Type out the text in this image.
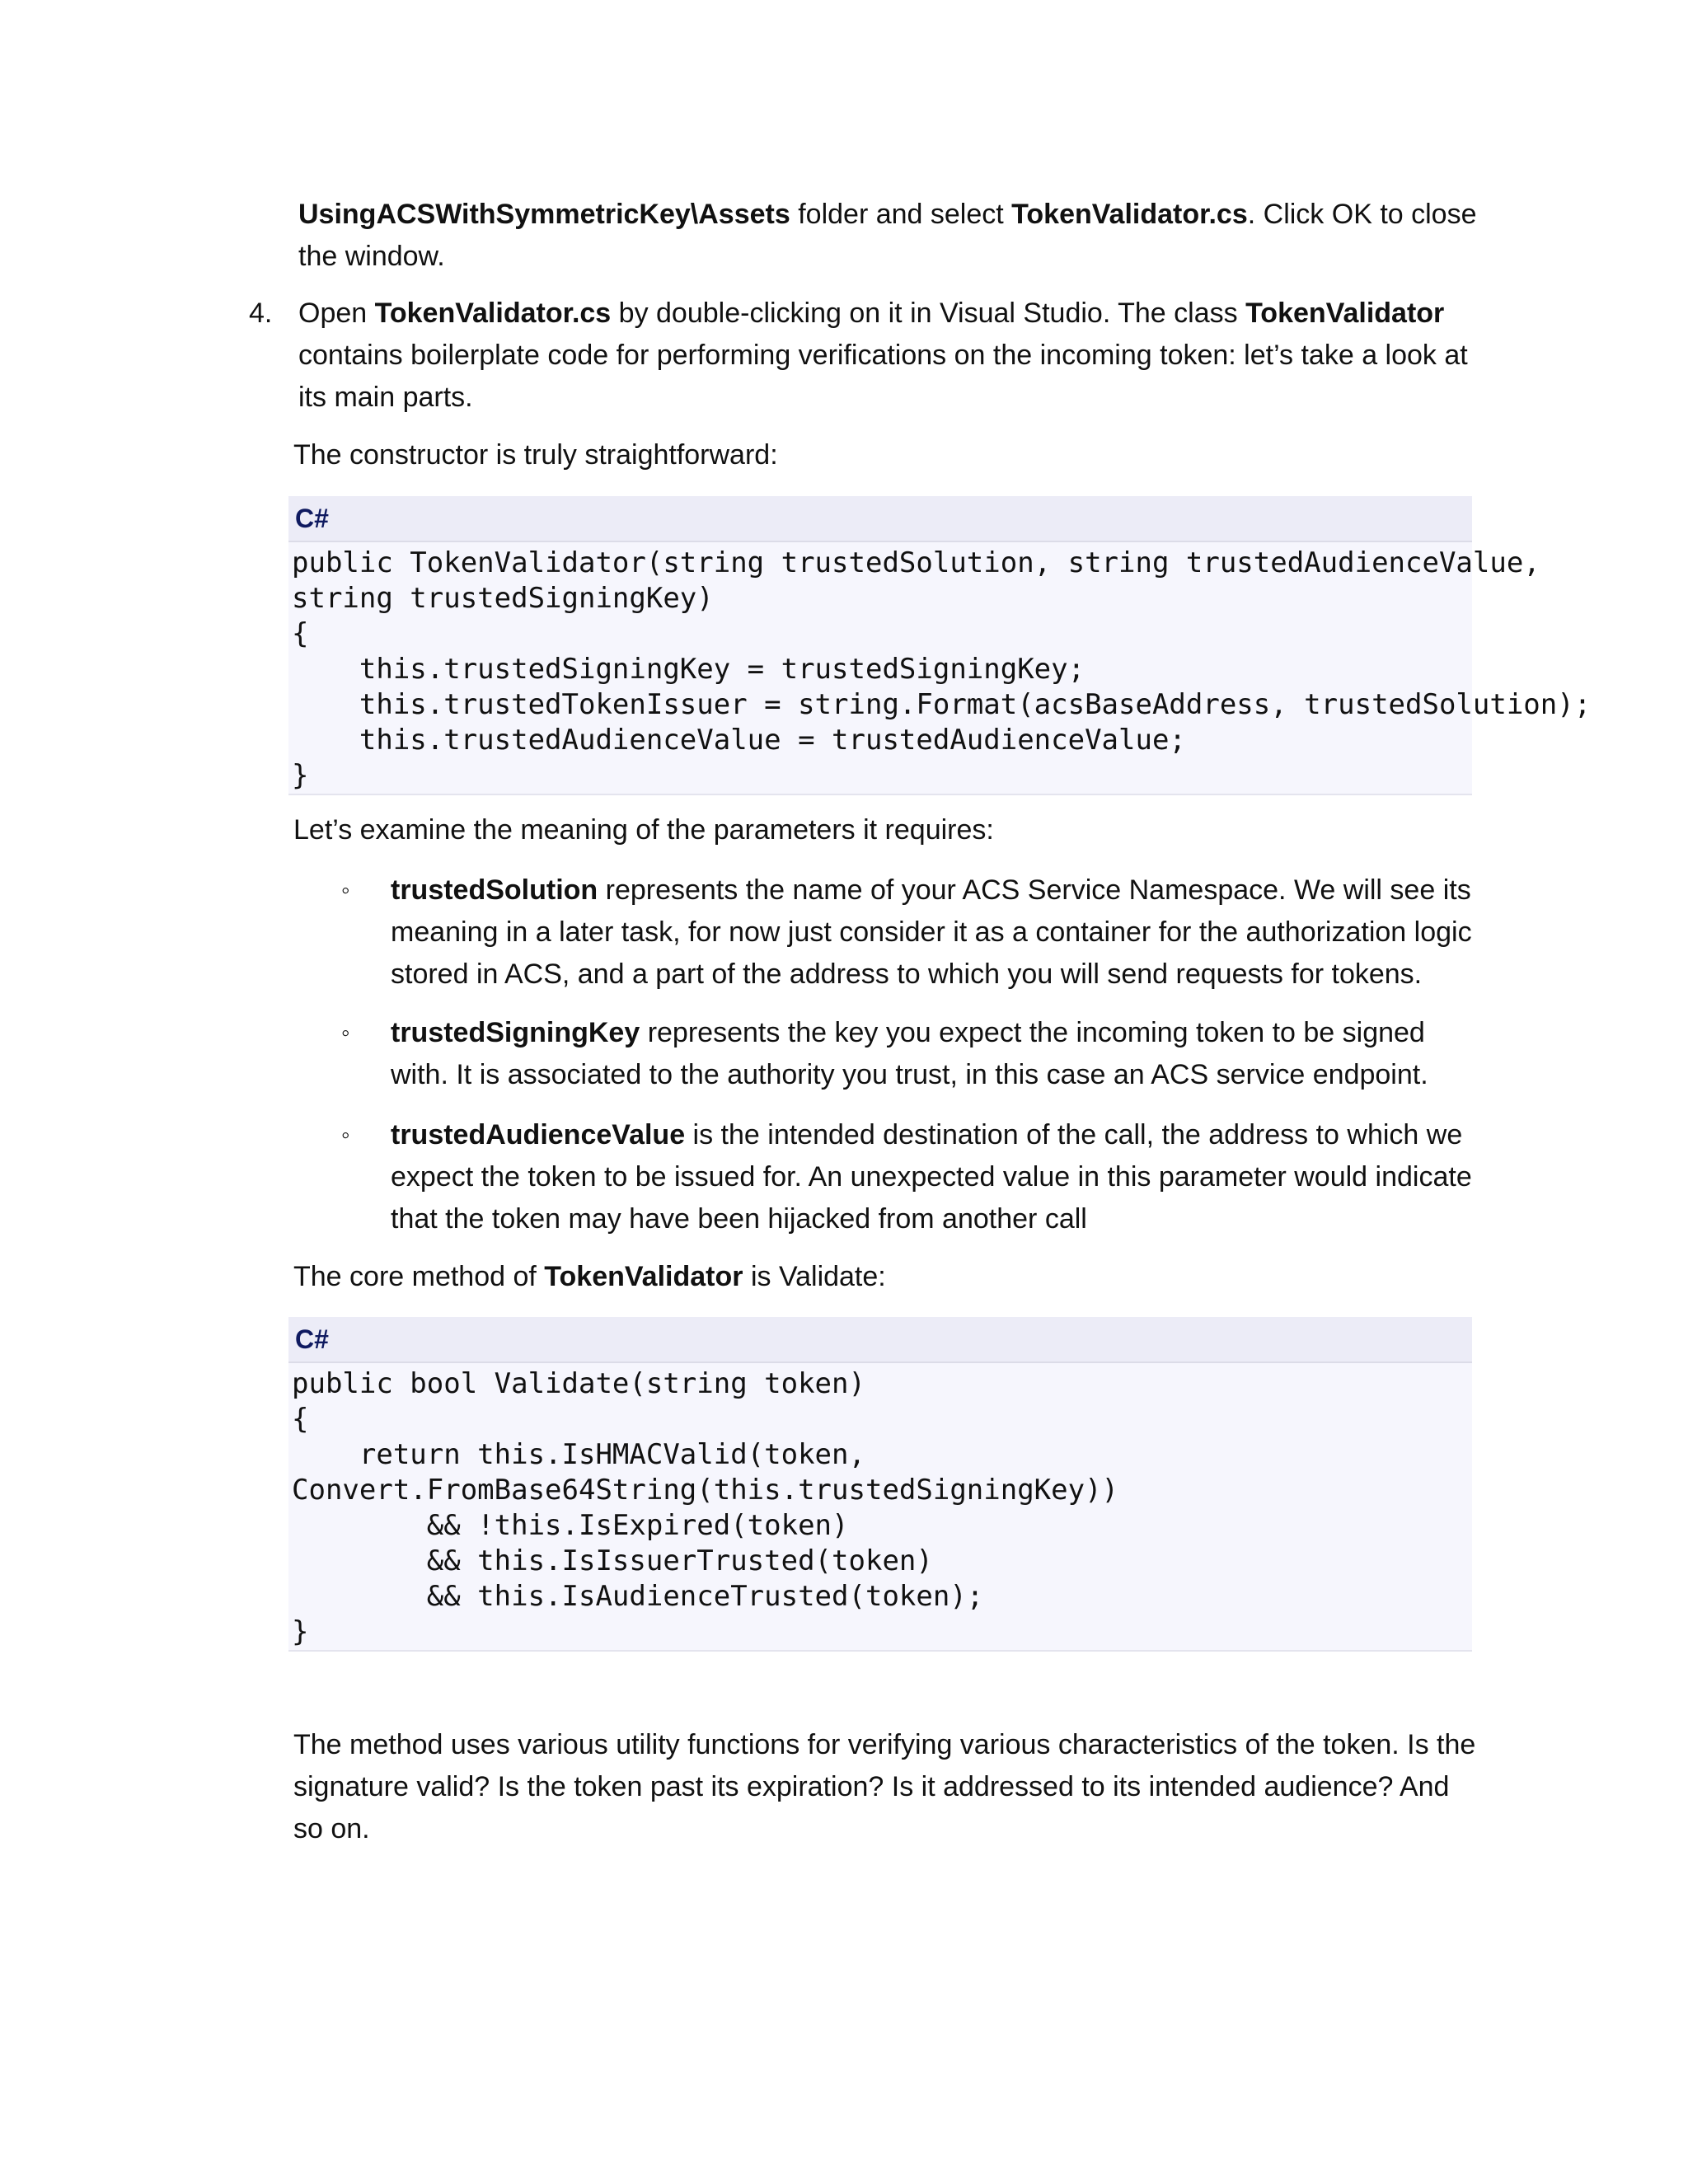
UsingACSWithSymmetricKey\Assets folder and select TokenValidator.cs. Click OK to close the window.

4. Open TokenValidator.cs by double-clicking on it in Visual Studio. The class TokenValidator contains boilerplate code for performing verifications on the incoming token: let’s take a look at its main parts.

The constructor is truly straightforward:

C#
public TokenValidator(string trustedSolution, string trustedAudienceValue,
string trustedSigningKey)
{
this.trustedSigningKey = trustedSigningKey;
this.trustedTokenIssuer = string.Format(acsBaseAddress, trustedSolution);
this.trustedAudienceValue = trustedAudienceValue;
}

Let’s examine the meaning of the parameters it requires:

◦ trustedSolution represents the name of your ACS Service Namespace. We will see its meaning in a later task, for now just consider it as a container for the authorization logic stored in ACS, and a part of the address to which you will send requests for tokens.

◦ trustedSigningKey represents the key you expect the incoming token to be signed with. It is associated to the authority you trust, in this case an ACS service endpoint.

◦ trustedAudienceValue is the intended destination of the call, the address to which we expect the token to be issued for. An unexpected value in this parameter would indicate that the token may have been hijacked from another call

The core method of TokenValidator is Validate:

C#
public bool Validate(string token)
{
return this.IsHMACValid(token,
Convert.FromBase64String(this.trustedSigningKey))
&& !this.IsExpired(token)
&& this.IsIssuerTrusted(token)
&& this.IsAudienceTrusted(token);
}

The method uses various utility functions for verifying various characteristics of the token. Is the signature valid? Is the token past its expiration? Is it addressed to its intended audience? And so on.
